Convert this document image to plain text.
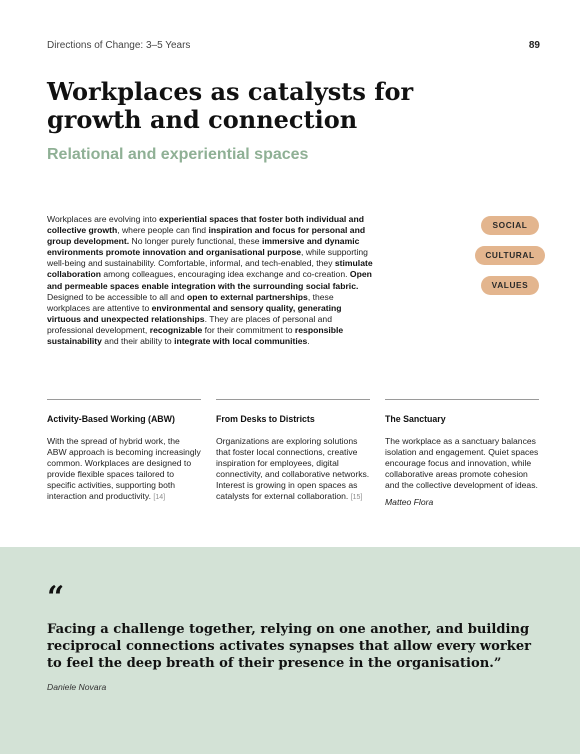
Directions of Change: 3–5 Years	89
Workplaces as catalysts for growth and connection
Relational and experiential spaces

Workplaces are evolving into experiential spaces that foster both individual and collective growth, where people can find inspiration and focus for personal and group development. No longer purely functional, these immersive and dynamic environments promote innovation and organisational purpose, while supporting well-being and sustainability. Comfortable, informal, and tech-enabled, they stimulate collaboration among colleagues, encouraging idea exchange and co-creation. Open and permeable spaces enable integration with the surrounding social fabric. Designed to be accessible to all and open to external partnerships, these workplaces are attentive to environmental and sensory quality, generating virtuous and unexpected relationships. They are places of personal and professional development, recognizable for their commitment to responsible sustainability and their ability to integrate with local communities.

SOCIAL
CULTURAL
VALUES
Activity-Based Working (ABW)

With the spread of hybrid work, the ABW approach is becoming increasingly common. Workplaces are designed to provide flexible spaces tailored to specific activities, supporting both interaction and productivity. [14]

From Desks to Districts

Organizations are exploring solutions that foster local connections, creative inspiration for employees, digital connectivity, and collaborative networks. Interest is growing in open spaces as catalysts for external collaboration. [15]

The Sanctuary

The workplace as a sanctuary balances isolation and engagement. Quiet spaces encourage focus and innovation, while collaborative areas promote cohesion and the collective development of ideas.

Matteo Flora

“

Facing a challenge together, relying on one another, and building reciprocal connections activates synapses that allow every worker to feel the deep breath of their presence in the organisation.”

Daniele Novara
